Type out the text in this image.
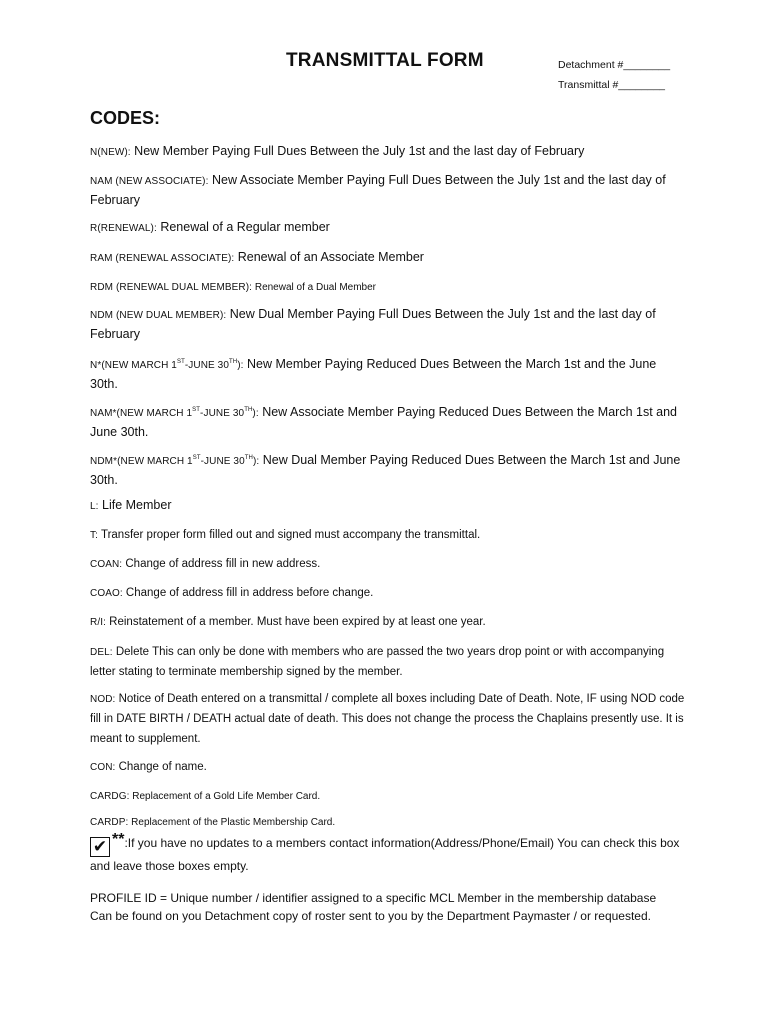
TRANSMITTAL FORM	Detachment #________
Transmittal #________
CODES:
N(NEW): New Member Paying Full Dues Between the July 1st and the last day of February
NAM (NEW ASSOCIATE): New Associate Member Paying Full Dues Between the July 1st and the last day of February
R(RENEWAL): Renewal of a Regular member
RAM (RENEWAL ASSOCIATE): Renewal of an Associate Member
RDM (RENEWAL DUAL MEMBER): Renewal of a Dual Member
NDM (NEW DUAL MEMBER): New Dual Member Paying Full Dues Between the July 1st and the last day of February
N*(NEW MARCH 1ST-JUNE 30TH): New Member Paying Reduced Dues Between the March 1st and the June 30th.
NAM*(NEW MARCH 1ST-JUNE 30TH): New Associate Member Paying Reduced Dues Between the March 1st and June 30th.
NDM*(NEW MARCH 1ST-JUNE 30TH): New Dual Member Paying Reduced Dues Between the March 1st and June 30th.
L: Life Member
T: Transfer proper form filled out and signed must accompany the transmittal.
COAN: Change of address fill in new address.
COAO: Change of address fill in address before change.
R/I: Reinstatement of a member. Must have been expired by at least one year.
DEL: Delete This can only be done with members who are passed the two years drop point or with accompanying letter stating to terminate membership signed by the member.
NOD: Notice of Death entered on a transmittal / complete all boxes including Date of Death. Note, IF using NOD code fill in DATE BIRTH / DEATH actual date of death. This does not change the process the Chaplains presently use. It is meant to supplement.
CON: Change of name.
CARDG: Replacement of a Gold Life Member Card.
CARDP: Replacement of the Plastic Membership Card.
✔ **:If you have no updates to a members contact information(Address/Phone/Email) You can check this box and leave those boxes empty.
PROFILE ID = Unique number / identifier assigned to a specific MCL Member in the membership database
Can be found on you Detachment copy of roster sent to you by the Department Paymaster / or requested.
